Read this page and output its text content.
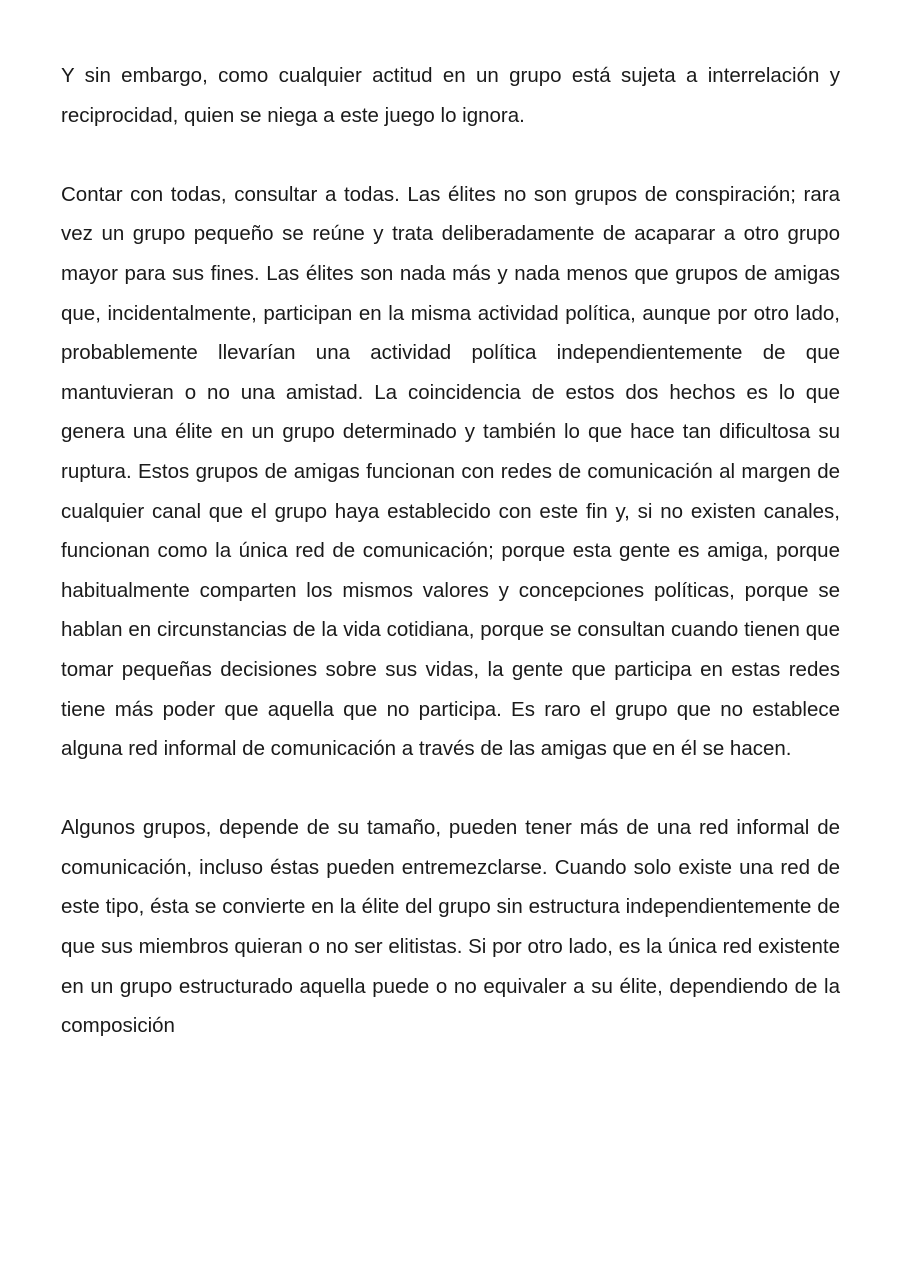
Y sin embargo, como cualquier actitud en un grupo está sujeta a interrelación y reciprocidad, quien se niega a este juego lo ignora.

Contar con todas, consultar a todas. Las élites no son grupos de conspiración; rara vez un grupo pequeño se reúne y trata deliberadamente de acaparar a otro grupo mayor para sus fines. Las élites son nada más y nada menos que grupos de amigas que, incidentalmente, participan en la misma actividad política, aunque por otro lado, probablemente llevarían una actividad política independientemente de que mantuvieran o no una amistad. La coincidencia de estos dos hechos es lo que genera una élite en un grupo determinado y también lo que hace tan dificultosa su ruptura. Estos grupos de amigas funcionan con redes de comunicación al margen de cualquier canal que el grupo haya establecido con este fin y, si no existen canales, funcionan como la única red de comunicación; porque esta gente es amiga, porque habitualmente comparten los mismos valores y concepciones políticas, porque se hablan en circunstancias de la vida cotidiana, porque se consultan cuando tienen que tomar pequeñas decisiones sobre sus vidas, la gente que participa en estas redes tiene más poder que aquella que no participa. Es raro el grupo que no establece alguna red informal de comunicación a través de las amigas que en él se hacen.

Algunos grupos, depende de su tamaño, pueden tener más de una red informal de comunicación, incluso éstas pueden entremezclarse. Cuando solo existe una red de este tipo, ésta se convierte en la élite del grupo sin estructura independientemente de que sus miembros quieran o no ser elitistas. Si por otro lado, es la única red existente en un grupo estructurado aquella puede o no equivaler a su élite, dependiendo de la composición
